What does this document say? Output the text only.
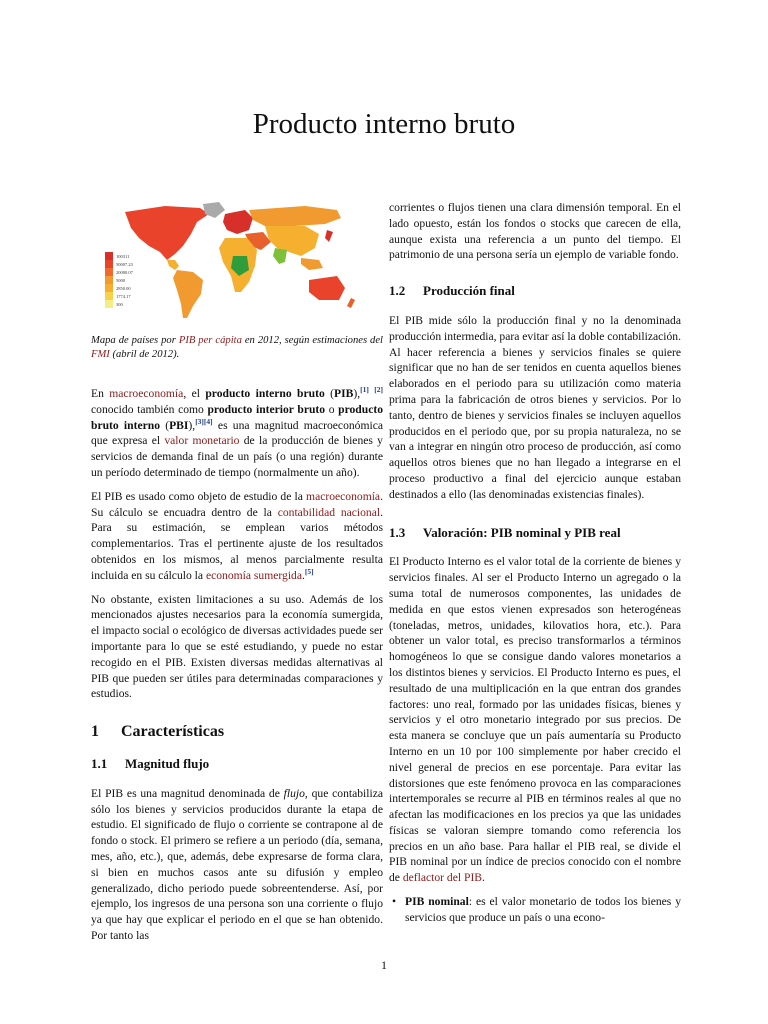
Producto interno bruto
100311
50007.23
20000.07
5000
2850.00
1774.17
300

Mapa de países por PIB per cápita en 2012, según estimaciones del FMI (abril de 2012).

En macroeconomía, el producto interno bruto (PIB),[1] [2] conocido también como producto interior bruto o producto bruto interno (PBI),[3][4] es una magnitud macroeconómica que expresa el valor monetario de la producción de bienes y servicios de demanda final de un país (o una región) durante un período determinado de tiempo (normalmente un año).

El PIB es usado como objeto de estudio de la macroeconomía. Su cálculo se encuadra dentro de la contabilidad nacional. Para su estimación, se emplean varios métodos complementarios. Tras el pertinente ajuste de los resultados obtenidos en los mismos, al menos parcialmente resulta incluida en su cálculo la economía sumergida.[5]

No obstante, existen limitaciones a su uso. Además de los mencionados ajustes necesarios para la economía sumergida, el impacto social o ecológico de diversas actividades puede ser importante para lo que se esté estudiando, y puede no estar recogido en el PIB. Existen diversas medidas alternativas al PIB que pueden ser útiles para determinadas comparaciones y estudios.

1 Características
1.1 Magnitud flujo

El PIB es una magnitud denominada de flujo, que contabiliza sólo los bienes y servicios producidos durante la etapa de estudio. El significado de flujo o corriente se contrapone al de fondo o stock. El primero se refiere a un periodo (día, semana, mes, año, etc.), que, además, debe expresarse de forma clara, si bien en muchos casos ante su difusión y empleo generalizado, dicho periodo puede sobreentenderse. Así, por ejemplo, los ingresos de una persona son una corriente o flujo ya que hay que explicar el periodo en el que se han obtenido. Por tanto las

corrientes o flujos tienen una clara dimensión temporal. En el lado opuesto, están los fondos o stocks que carecen de ella, aunque exista una referencia a un punto del tiempo. El patrimonio de una persona sería un ejemplo de variable fondo.

1.2 Producción final

El PIB mide sólo la producción final y no la denominada producción intermedia, para evitar así la doble contabilización. Al hacer referencia a bienes y servicios finales se quiere significar que no han de ser tenidos en cuenta aquellos bienes elaborados en el periodo para su utilización como materia prima para la fabricación de otros bienes y servicios. Por lo tanto, dentro de bienes y servicios finales se incluyen aquellos producidos en el periodo que, por su propia naturaleza, no se van a integrar en ningún otro proceso de producción, así como aquellos otros bienes que no han llegado a integrarse en el proceso productivo a final del ejercicio aunque estaban destinados a ello (las denominadas existencias finales).

1.3 Valoración: PIB nominal y PIB real

El Producto Interno es el valor total de la corriente de bienes y servicios finales. Al ser el Producto Interno un agregado o la suma total de numerosos componentes, las unidades de medida en que estos vienen expresados son heterogéneas (toneladas, metros, unidades, kilovatios hora, etc.). Para obtener un valor total, es preciso transformarlos a términos homogéneos lo que se consigue dando valores monetarios a los distintos bienes y servicios. El Producto Interno es pues, el resultado de una multiplicación en la que entran dos grandes factores: uno real, formado por las unidades físicas, bienes y servicios y el otro monetario integrado por sus precios. De esta manera se concluye que un país aumentaría su Producto Interno en un 10 por 100 simplemente por haber crecido el nivel general de precios en ese porcentaje. Para evitar las distorsiones que este fenómeno provoca en las comparaciones intertemporales se recurre al PIB en términos reales al que no afectan las modificaciones en los precios ya que las unidades físicas se valoran siempre tomando como referencia los precios en un año base. Para hallar el PIB real, se divide el PIB nominal por un índice de precios conocido con el nombre de deflactor del PIB.

• PIB nominal: es el valor monetario de todos los bienes y servicios que produce un país o una econo-
1
